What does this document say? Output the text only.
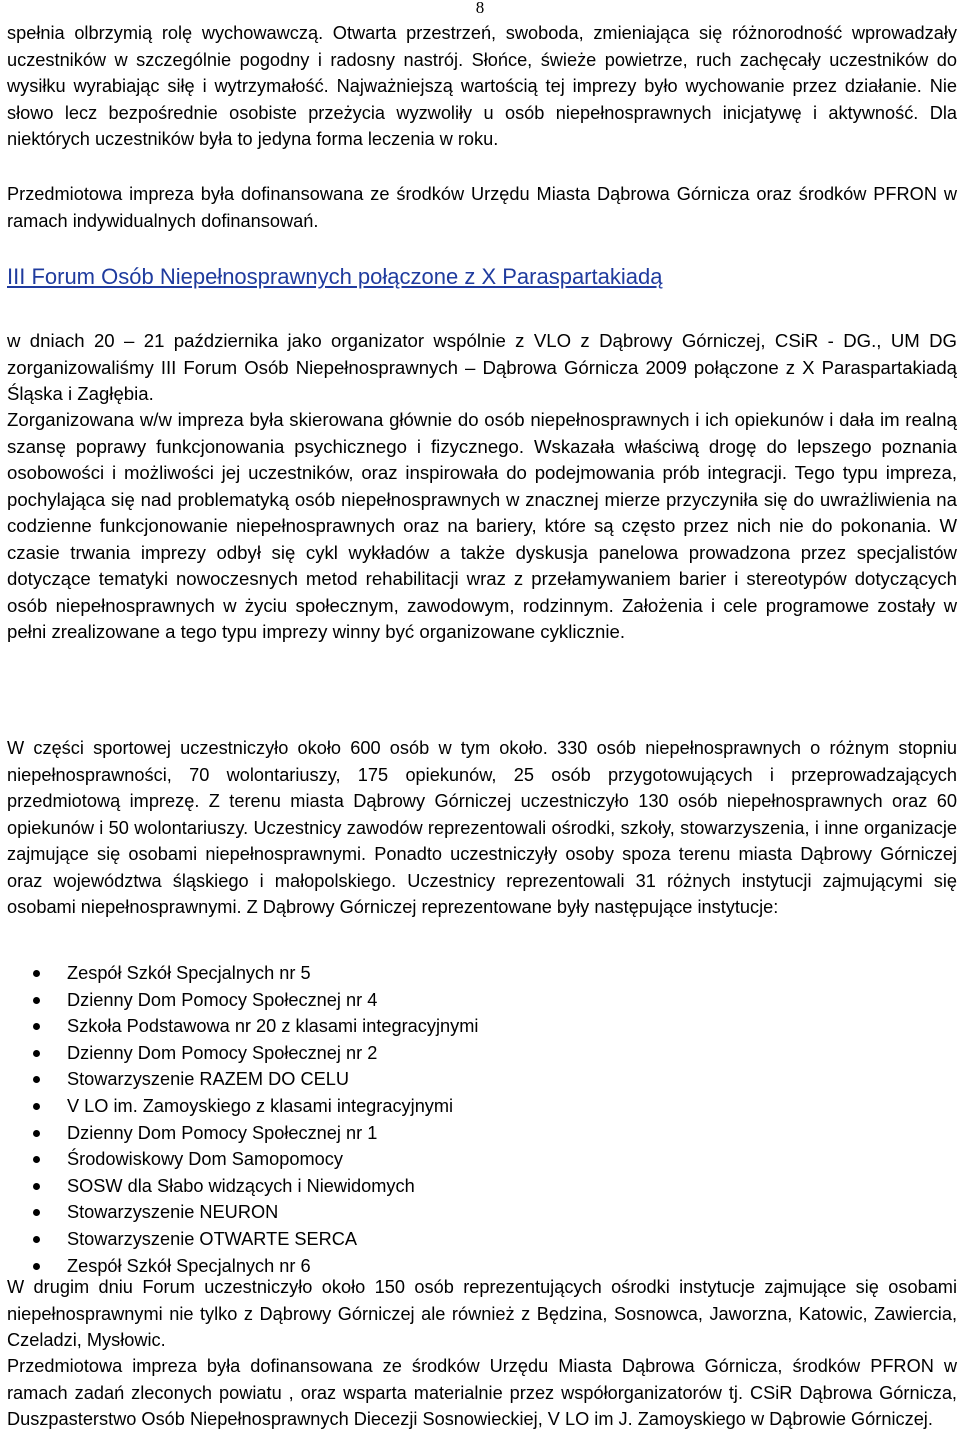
8

spełnia olbrzymią rolę wychowawczą. Otwarta przestrzeń, swoboda, zmieniająca się różnorodność wprowadzały uczestników w szczególnie pogodny i radosny nastrój. Słońce, świeże powietrze, ruch zachęcały uczestników do wysiłku wyrabiając siłę i wytrzymałość. Najważniejszą wartością tej imprezy było wychowanie przez działanie. Nie słowo lecz bezpośrednie osobiste przeżycia wyzwoliły u osób niepełnosprawnych inicjatywę i aktywność. Dla niektórych uczestników była to jedyna forma leczenia w roku.

Przedmiotowa impreza była dofinansowana ze środków Urzędu Miasta Dąbrowa Górnicza oraz środków PFRON w ramach indywidualnych dofinansowań.

III Forum Osób Niepełnosprawnych połączone z X Paraspartakiadą

w dniach 20 – 21 października jako organizator wspólnie z VLO z Dąbrowy Górniczej, CSiR - DG., UM DG zorganizowaliśmy III Forum Osób Niepełnosprawnych – Dąbrowa Górnicza 2009 połączone z X Paraspartakiadą Śląska i Zagłębia.

Zorganizowana w/w impreza była skierowana głównie do osób niepełnosprawnych i ich opiekunów i dała im realną szansę poprawy funkcjonowania psychicznego i fizycznego. Wskazała właściwą drogę do lepszego poznania osobowości i możliwości jej uczestników, oraz inspirowała do podejmowania prób integracji. Tego typu impreza, pochylająca się nad problematyką osób niepełnosprawnych w znacznej mierze przyczyniła się do uwrażliwienia na codzienne funkcjonowanie niepełnosprawnych oraz na bariery, które są często przez nich nie do pokonania. W czasie trwania imprezy odbył się cykl wykładów a także dyskusja panelowa prowadzona przez specjalistów dotyczące tematyki nowoczesnych metod rehabilitacji wraz z przełamywaniem barier i stereotypów dotyczących osób niepełnosprawnych w życiu społecznym, zawodowym, rodzinnym. Założenia i cele programowe zostały w pełni zrealizowane a tego typu imprezy winny być organizowane cyklicznie.

W części sportowej uczestniczyło około 600 osób w tym około. 330 osób niepełnosprawnych o różnym stopniu niepełnosprawności, 70 wolontariuszy, 175 opiekunów, 25 osób przygotowujących i przeprowadzających przedmiotową imprezę. Z terenu miasta Dąbrowy Górniczej uczestniczyło 130 osób niepełnosprawnych oraz 60 opiekunów i 50 wolontariuszy. Uczestnicy zawodów reprezentowali ośrodki, szkoły, stowarzyszenia, i inne organizacje zajmujące się osobami niepełnosprawnymi. Ponadto uczestniczyły osoby spoza terenu miasta Dąbrowy Górniczej oraz województwa śląskiego i małopolskiego. Uczestnicy reprezentowali 31 różnych instytucji zajmującymi się osobami niepełnosprawnymi. Z Dąbrowy Górniczej reprezentowane były następujące instytucje:

Zespół Szkół Specjalnych nr 5
Dzienny Dom Pomocy Społecznej nr 4
Szkoła Podstawowa nr 20 z klasami integracyjnymi
Dzienny Dom Pomocy Społecznej nr 2
Stowarzyszenie RAZEM DO CELU
V LO im. Zamoyskiego z klasami integracyjnymi
Dzienny Dom Pomocy Społecznej nr 1
Środowiskowy Dom Samopomocy
SOSW dla Słabo widzących i Niewidomych
Stowarzyszenie NEURON
Stowarzyszenie OTWARTE SERCA
Zespół Szkół Specjalnych nr 6

W drugim dniu Forum uczestniczyło około 150 osób reprezentujących ośrodki instytucje zajmujące się osobami niepełnosprawnymi nie tylko z Dąbrowy Górniczej ale również z Będzina, Sosnowca, Jaworzna, Katowic, Zawiercia, Czeladzi, Mysłowic.

Przedmiotowa impreza była dofinansowana ze środków Urzędu Miasta Dąbrowa Górnicza, środków PFRON w ramach zadań zleconych powiatu , oraz wsparta materialnie przez współorganizatorów tj. CSiR Dąbrowa Górnicza, Duszpasterstwo Osób Niepełnosprawnych Diecezji Sosnowieckiej, V LO im J. Zamoyskiego w Dąbrowie Górniczej.
